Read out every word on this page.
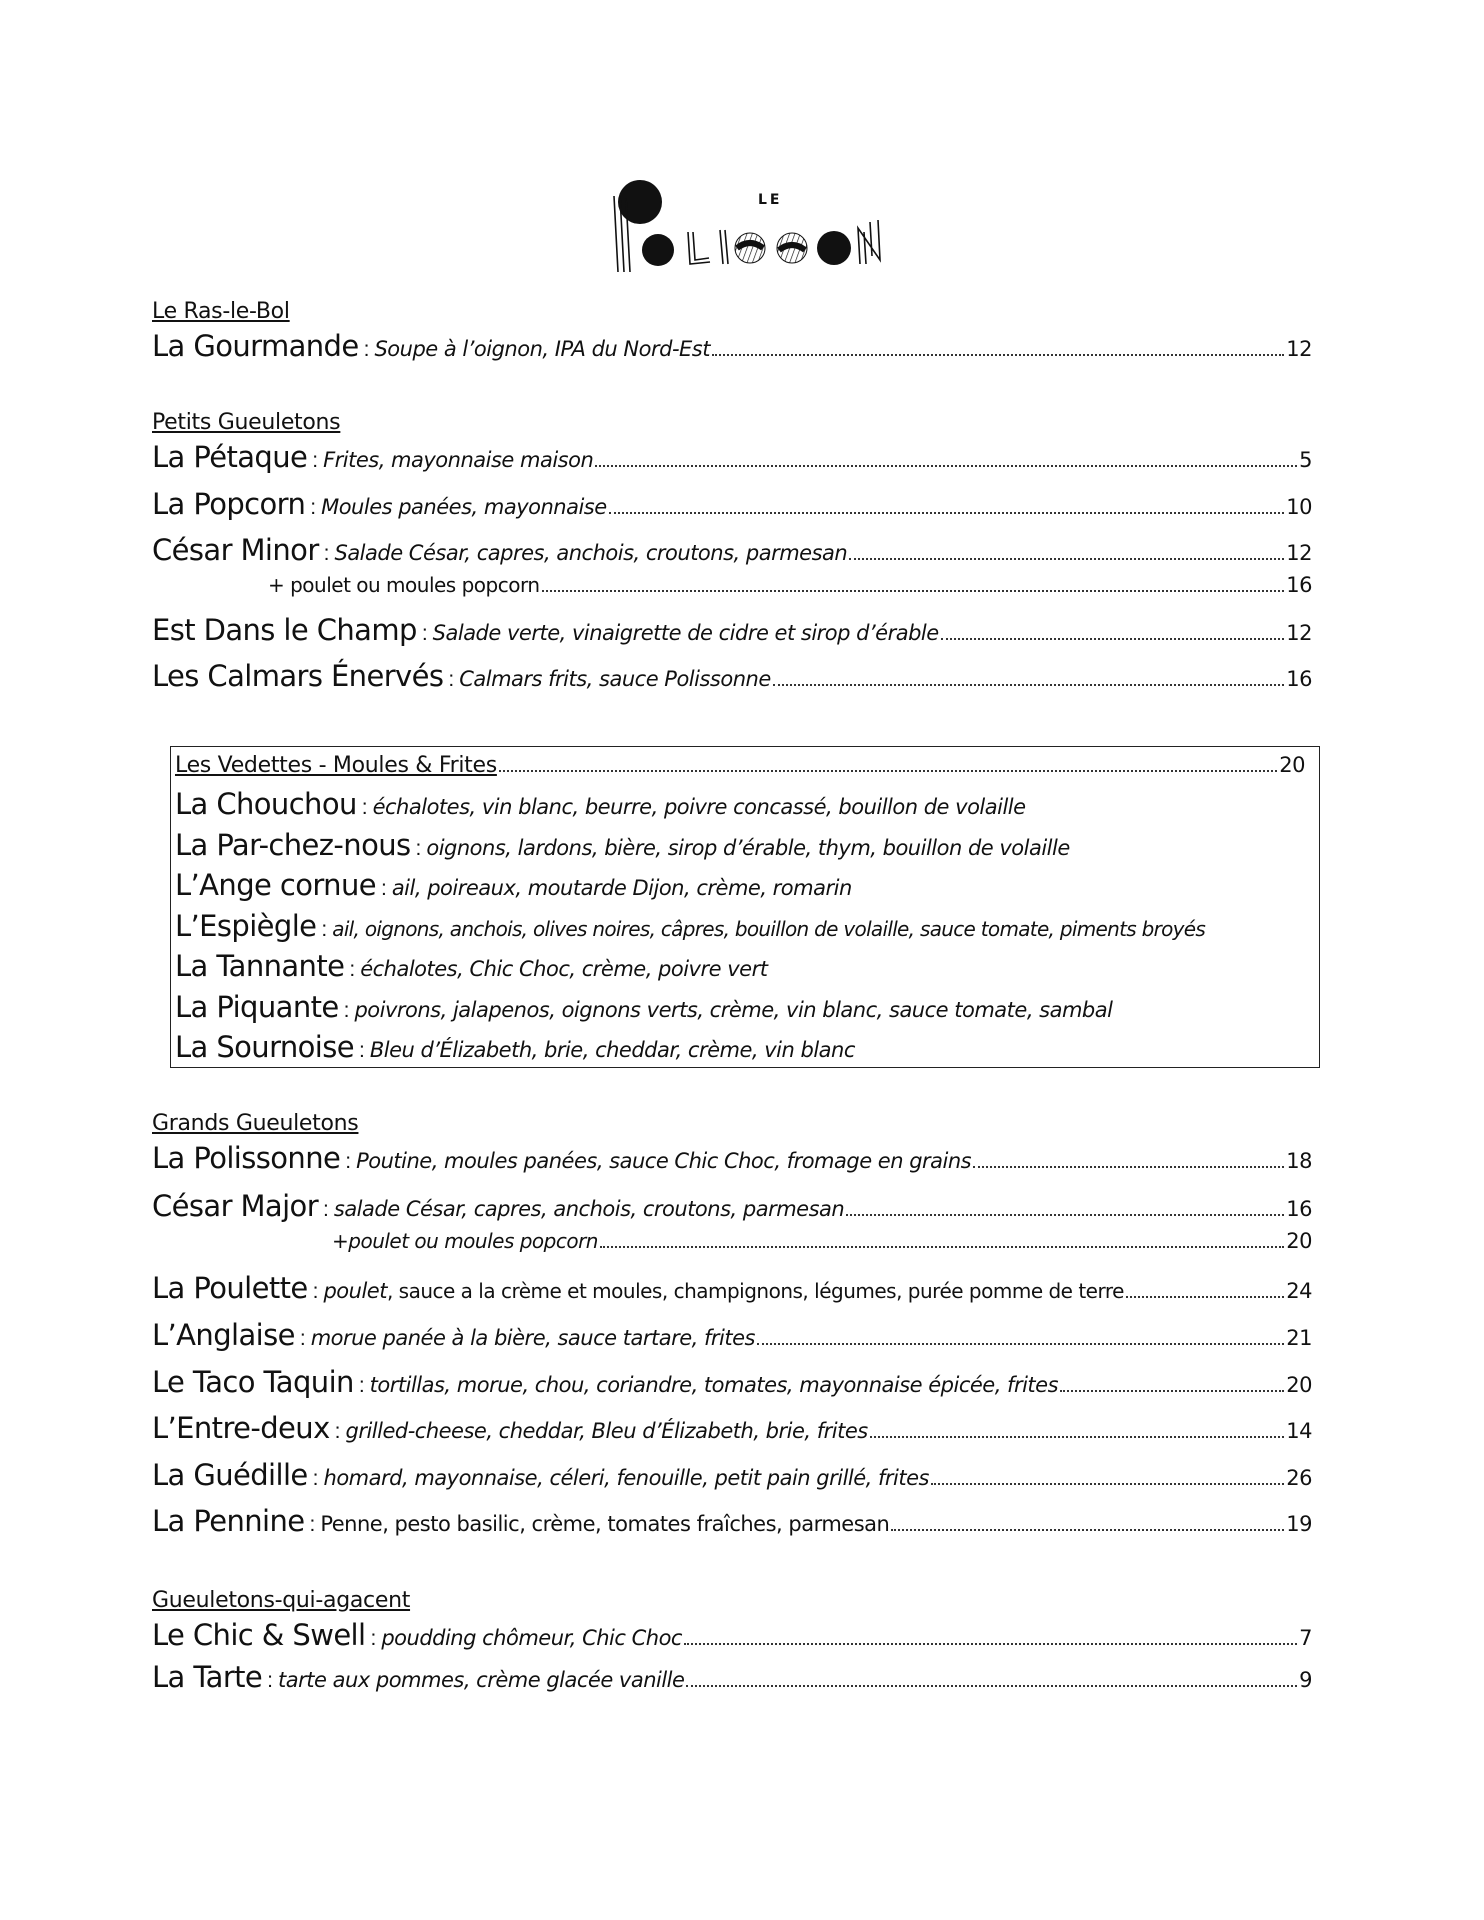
LE
Le Ras-le-Bol
La Gourmande : Soupe à l’oignon, IPA du Nord-Est	12
Petits Gueuletons
La Pétaque : Frites, mayonnaise maison	5
La Popcorn : Moules panées, mayonnaise	10
César Minor : Salade César, capres, anchois, croutons, parmesan	12
+ poulet ou moules popcorn	16
Est Dans le Champ : Salade verte, vinaigrette de cidre et sirop d’érable	12
Les Calmars Énervés : Calmars frits, sauce Polissonne	16
Les Vedettes - Moules & Frites	20
La Chouchou : échalotes, vin blanc, beurre, poivre concassé, bouillon de volaille
La Par-chez-nous : oignons, lardons, bière, sirop d’érable, thym, bouillon de volaille
L’Ange cornue : ail, poireaux, moutarde Dijon, crème, romarin
L’Espiègle : ail, oignons, anchois, olives noires, câpres, bouillon de volaille, sauce tomate, piments broyés
La Tannante : échalotes, Chic Choc, crème, poivre vert
La Piquante : poivrons, jalapenos, oignons verts, crème, vin blanc, sauce tomate, sambal
La Sournoise : Bleu d’Élizabeth, brie, cheddar, crème, vin blanc
Grands Gueuletons
La Polissonne : Poutine, moules panées, sauce Chic Choc, fromage en grains	18
César Major : salade César, capres, anchois, croutons, parmesan	16
+poulet ou moules popcorn	20
La Poulette : poulet , sauce a la crème et moules, champignons, légumes, purée pomme de terre	24
L’Anglaise : morue panée à la bière, sauce tartare, frites	21
Le Taco Taquin : tortillas, morue, chou, coriandre, tomates, mayonnaise épicée, frites	20
L’Entre-deux : grilled-cheese, cheddar, Bleu d’Élizabeth, brie, frites	14
La Guédille : homard, mayonnaise, céleri, fenouille, petit pain grillé, frites	26
La Pennine : Penne, pesto basilic, crème, tomates fraîches, parmesan	19
Gueuletons-qui-agacent
Le Chic & Swell : poudding chômeur, Chic Choc	7
La Tarte : tarte aux pommes, crème glacée vanille	9
